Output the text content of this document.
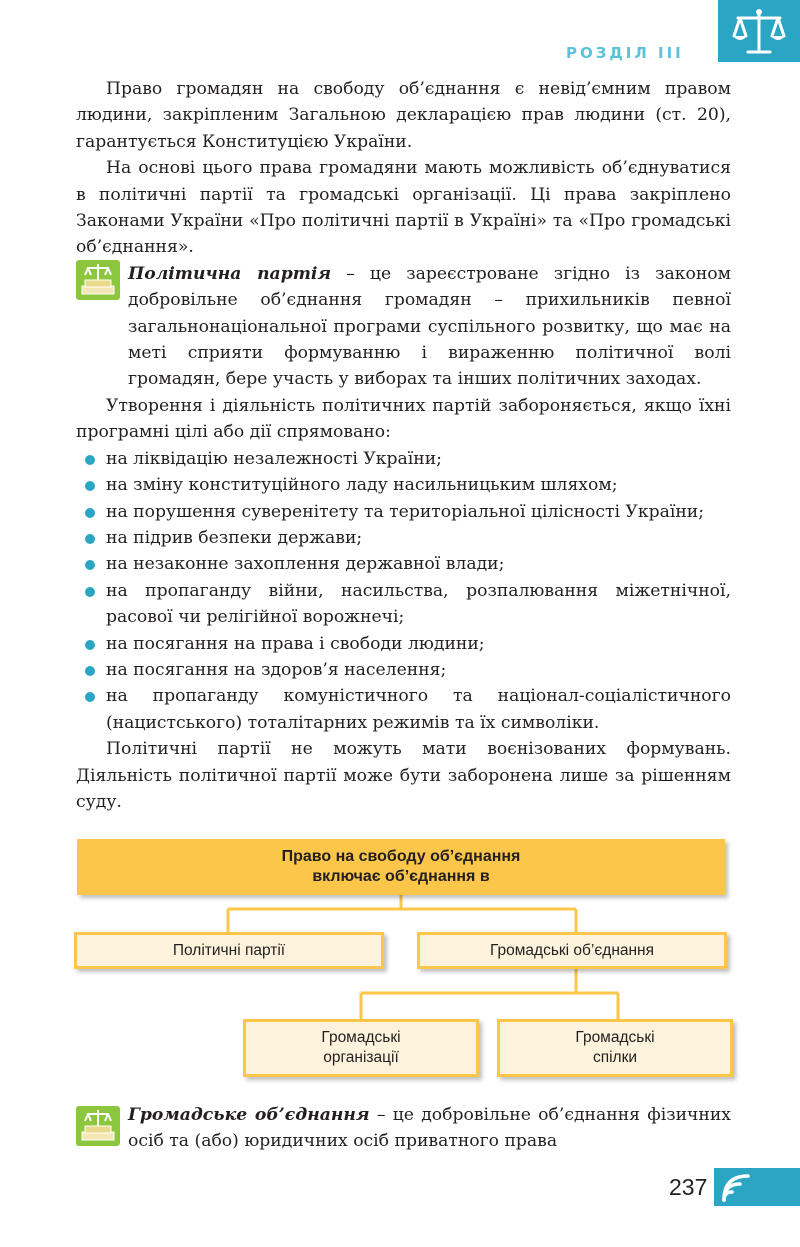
РОЗДІЛ ІІІ

Право громадян на свободу об’єднання є невід’ємним правом людини, закріпленим Загальною декларацією прав людини (ст. 20), гарантується Конституцією України.

На основі цього права громадяни мають можливість об’єднуватися в політичні партії та громадські організації. Ці права закріплено Законами України «Про політичні партії в Україні» та «Про громадські об’єднання».

Політична партія – це зареєстроване згідно із законом добровільне об’єднання громадян – прихильників певної загальнонаціональної програми суспільного розвитку, що має на меті сприяти формуванню і вираженню політичної волі громадян, бере участь у виборах та інших політичних заходах.

Утворення і діяльність політичних партій забороняється, якщо їхні програмні цілі або дії спрямовано:

на ліквідацію незалежності України;
на зміну конституційного ладу насильницьким шляхом;
на порушення суверенітету та територіальної цілісності України;
на підрив безпеки держави;
на незаконне захоплення державної влади;
на пропаганду війни, насильства, розпалювання міжетнічної, расової чи релігійної ворожнечі;
на посягання на права і свободи людини;
на посягання на здоров’я населення;
на пропаганду комуністичного та націонал-соціалістичного (нацистського) тоталітарних режимів та їх символіки.

Політичні партії не можуть мати воєнізованих формувань. Діяльність політичної партії може бути заборонена лише за рішенням суду.

Право на свободу об’єднання
включає об’єднання в
Політичні партії	Громадські об’єднання
Громадські
організації
Громадські
спілки

Громадське об’єднання – це добровільне об’єднання фізичних осіб та (або) юридичних осіб приватного права

237
